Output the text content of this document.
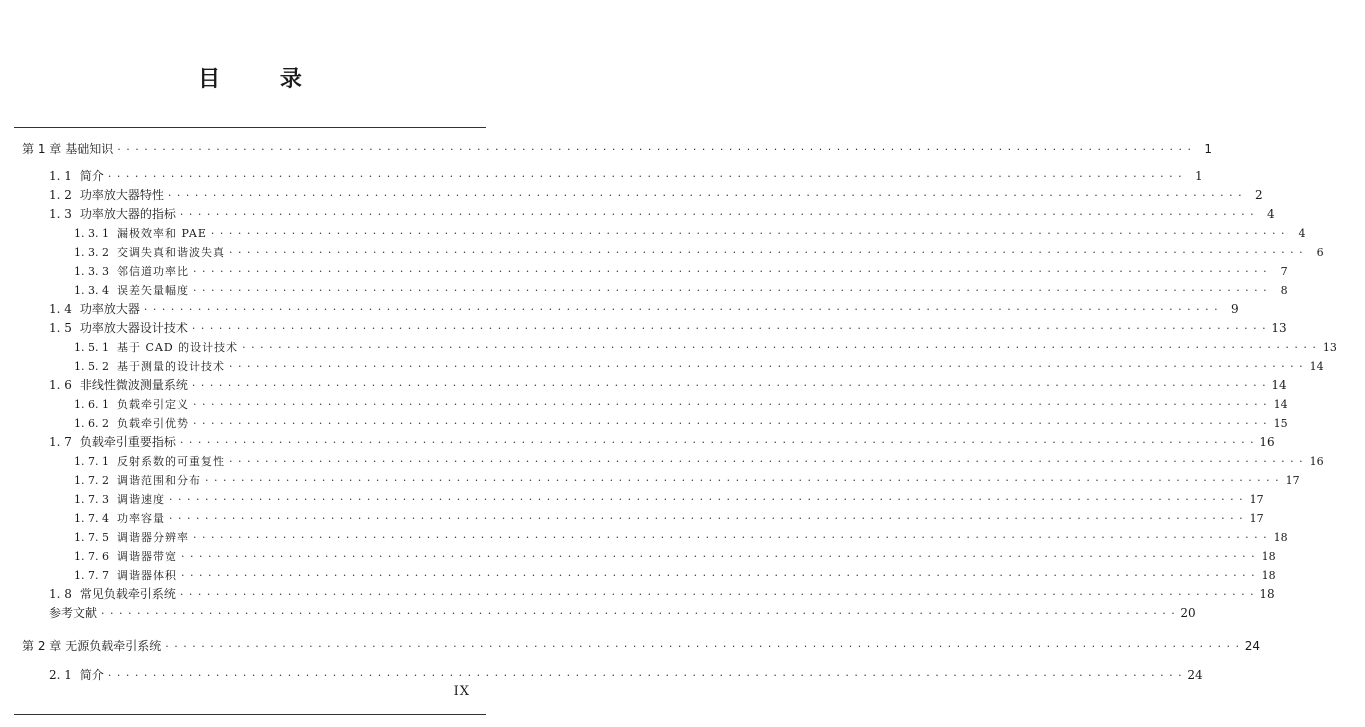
目 录
第 1 章 基础知识 · · · · · · · · · · · · · · · · · · · · · · · · · · · · · · · · · · · · · · · · · · · · · · · · · · · · · · · · · · · · · · · · · · · · · · · · · · · · · · · · · · · · · · · · · · · · · · · · · · · · · · · · · · · · · · · · · · · · · · · ·	1
1. 1 简介 · · · · · · · · · · · · · · · · · · · · · · · · · · · · · · · · · · · · · · · · · · · · · · · · · · · · · · · · · · · · · · · · · · · · · · · · · · · · · · · · · · · · · · · · · · · · · · · · · · · · · · · · · · · · · · · · · · · · · · · ·	1
1. 2 功率放大器特性 · · · · · · · · · · · · · · · · · · · · · · · · · · · · · · · · · · · · · · · · · · · · · · · · · · · · · · · · · · · · · · · · · · · · · · · · · · · · · · · · · · · · · · · · · · · · · · · · · · · · · · · · · · · · · · · · · · · · · · · ·	2
1. 3 功率放大器的指标 · · · · · · · · · · · · · · · · · · · · · · · · · · · · · · · · · · · · · · · · · · · · · · · · · · · · · · · · · · · · · · · · · · · · · · · · · · · · · · · · · · · · · · · · · · · · · · · · · · · · · · · · · · · · · · · · · · · · · · · ·	4
1. 3. 1 漏极效率和 PAE · · · · · · · · · · · · · · · · · · · · · · · · · · · · · · · · · · · · · · · · · · · · · · · · · · · · · · · · · · · · · · · · · · · · · · · · · · · · · · · · · · · · · · · · · · · · · · · · · · · · · · · · · · · · · · · · · · · · · · · ·	4
1. 3. 2 交调失真和谐波失真 · · · · · · · · · · · · · · · · · · · · · · · · · · · · · · · · · · · · · · · · · · · · · · · · · · · · · · · · · · · · · · · · · · · · · · · · · · · · · · · · · · · · · · · · · · · · · · · · · · · · · · · · · · · · · · · · · · · · · · · ·	6
1. 3. 3 邻信道功率比 · · · · · · · · · · · · · · · · · · · · · · · · · · · · · · · · · · · · · · · · · · · · · · · · · · · · · · · · · · · · · · · · · · · · · · · · · · · · · · · · · · · · · · · · · · · · · · · · · · · · · · · · · · · · · · · · · · · · · · · ·	7
1. 3. 4 误差矢量幅度 · · · · · · · · · · · · · · · · · · · · · · · · · · · · · · · · · · · · · · · · · · · · · · · · · · · · · · · · · · · · · · · · · · · · · · · · · · · · · · · · · · · · · · · · · · · · · · · · · · · · · · · · · · · · · · · · · · · · · · · ·	8
1. 4 功率放大器 · · · · · · · · · · · · · · · · · · · · · · · · · · · · · · · · · · · · · · · · · · · · · · · · · · · · · · · · · · · · · · · · · · · · · · · · · · · · · · · · · · · · · · · · · · · · · · · · · · · · · · · · · · · · · · · · · · · · · · · ·	9
1. 5 功率放大器设计技术 · · · · · · · · · · · · · · · · · · · · · · · · · · · · · · · · · · · · · · · · · · · · · · · · · · · · · · · · · · · · · · · · · · · · · · · · · · · · · · · · · · · · · · · · · · · · · · · · · · · · · · · · · · · · · · · · · · · · · · · · 13
1. 5. 1 基于 CAD 的设计技术 · · · · · · · · · · · · · · · · · · · · · · · · · · · · · · · · · · · · · · · · · · · · · · · · · · · · · · · · · · · · · · · · · · · · · · · · · · · · · · · · · · · · · · · · · · · · · · · · · · · · · · · · · · · · · · · · · · · · · · · · 13
1. 5. 2 基于测量的设计技术 · · · · · · · · · · · · · · · · · · · · · · · · · · · · · · · · · · · · · · · · · · · · · · · · · · · · · · · · · · · · · · · · · · · · · · · · · · · · · · · · · · · · · · · · · · · · · · · · · · · · · · · · · · · · · · · · · · · · · · · · 14
1. 6 非线性微波测量系统 · · · · · · · · · · · · · · · · · · · · · · · · · · · · · · · · · · · · · · · · · · · · · · · · · · · · · · · · · · · · · · · · · · · · · · · · · · · · · · · · · · · · · · · · · · · · · · · · · · · · · · · · · · · · · · · · · · · · · · · · 14
1. 6. 1 负载牵引定义 · · · · · · · · · · · · · · · · · · · · · · · · · · · · · · · · · · · · · · · · · · · · · · · · · · · · · · · · · · · · · · · · · · · · · · · · · · · · · · · · · · · · · · · · · · · · · · · · · · · · · · · · · · · · · · · · · · · · · · · · 14
1. 6. 2 负载牵引优势 · · · · · · · · · · · · · · · · · · · · · · · · · · · · · · · · · · · · · · · · · · · · · · · · · · · · · · · · · · · · · · · · · · · · · · · · · · · · · · · · · · · · · · · · · · · · · · · · · · · · · · · · · · · · · · · · · · · · · · · · 15
1. 7 负载牵引重要指标 · · · · · · · · · · · · · · · · · · · · · · · · · · · · · · · · · · · · · · · · · · · · · · · · · · · · · · · · · · · · · · · · · · · · · · · · · · · · · · · · · · · · · · · · · · · · · · · · · · · · · · · · · · · · · · · · · · · · · · · · 16
1. 7. 1 反射系数的可重复性 · · · · · · · · · · · · · · · · · · · · · · · · · · · · · · · · · · · · · · · · · · · · · · · · · · · · · · · · · · · · · · · · · · · · · · · · · · · · · · · · · · · · · · · · · · · · · · · · · · · · · · · · · · · · · · · · · · · · · · · · 16
1. 7. 2 调谐范围和分布 · · · · · · · · · · · · · · · · · · · · · · · · · · · · · · · · · · · · · · · · · · · · · · · · · · · · · · · · · · · · · · · · · · · · · · · · · · · · · · · · · · · · · · · · · · · · · · · · · · · · · · · · · · · · · · · · · · · · · · · · 17
1. 7. 3 调谐速度 · · · · · · · · · · · · · · · · · · · · · · · · · · · · · · · · · · · · · · · · · · · · · · · · · · · · · · · · · · · · · · · · · · · · · · · · · · · · · · · · · · · · · · · · · · · · · · · · · · · · · · · · · · · · · · · · · · · · · · · · 17
1. 7. 4 功率容量 · · · · · · · · · · · · · · · · · · · · · · · · · · · · · · · · · · · · · · · · · · · · · · · · · · · · · · · · · · · · · · · · · · · · · · · · · · · · · · · · · · · · · · · · · · · · · · · · · · · · · · · · · · · · · · · · · · · · · · · · 17
1. 7. 5 调谐器分辨率 · · · · · · · · · · · · · · · · · · · · · · · · · · · · · · · · · · · · · · · · · · · · · · · · · · · · · · · · · · · · · · · · · · · · · · · · · · · · · · · · · · · · · · · · · · · · · · · · · · · · · · · · · · · · · · · · · · · · · · · · 18
1. 7. 6 调谐器带宽 · · · · · · · · · · · · · · · · · · · · · · · · · · · · · · · · · · · · · · · · · · · · · · · · · · · · · · · · · · · · · · · · · · · · · · · · · · · · · · · · · · · · · · · · · · · · · · · · · · · · · · · · · · · · · · · · · · · · · · · · 18
1. 7. 7 调谐器体积 · · · · · · · · · · · · · · · · · · · · · · · · · · · · · · · · · · · · · · · · · · · · · · · · · · · · · · · · · · · · · · · · · · · · · · · · · · · · · · · · · · · · · · · · · · · · · · · · · · · · · · · · · · · · · · · · · · · · · · · · 18
1. 8 常见负载牵引系统 · · · · · · · · · · · · · · · · · · · · · · · · · · · · · · · · · · · · · · · · · · · · · · · · · · · · · · · · · · · · · · · · · · · · · · · · · · · · · · · · · · · · · · · · · · · · · · · · · · · · · · · · · · · · · · · · · · · · · · · · 18
参考文献 · · · · · · · · · · · · · · · · · · · · · · · · · · · · · · · · · · · · · · · · · · · · · · · · · · · · · · · · · · · · · · · · · · · · · · · · · · · · · · · · · · · · · · · · · · · · · · · · · · · · · · · · · · · · · · · · · · · · · · · · 20
第 2 章 无源负载牵引系统 · · · · · · · · · · · · · · · · · · · · · · · · · · · · · · · · · · · · · · · · · · · · · · · · · · · · · · · · · · · · · · · · · · · · · · · · · · · · · · · · · · · · · · · · · · · · · · · · · · · · · · · · · · · · · · · · · · · · · · · · 24
2. 1 简介 · · · · · · · · · · · · · · · · · · · · · · · · · · · · · · · · · · · · · · · · · · · · · · · · · · · · · · · · · · · · · · · · · · · · · · · · · · · · · · · · · · · · · · · · · · · · · · · · · · · · · · · · · · · · · · · · · · · · · · · · 24
IX
